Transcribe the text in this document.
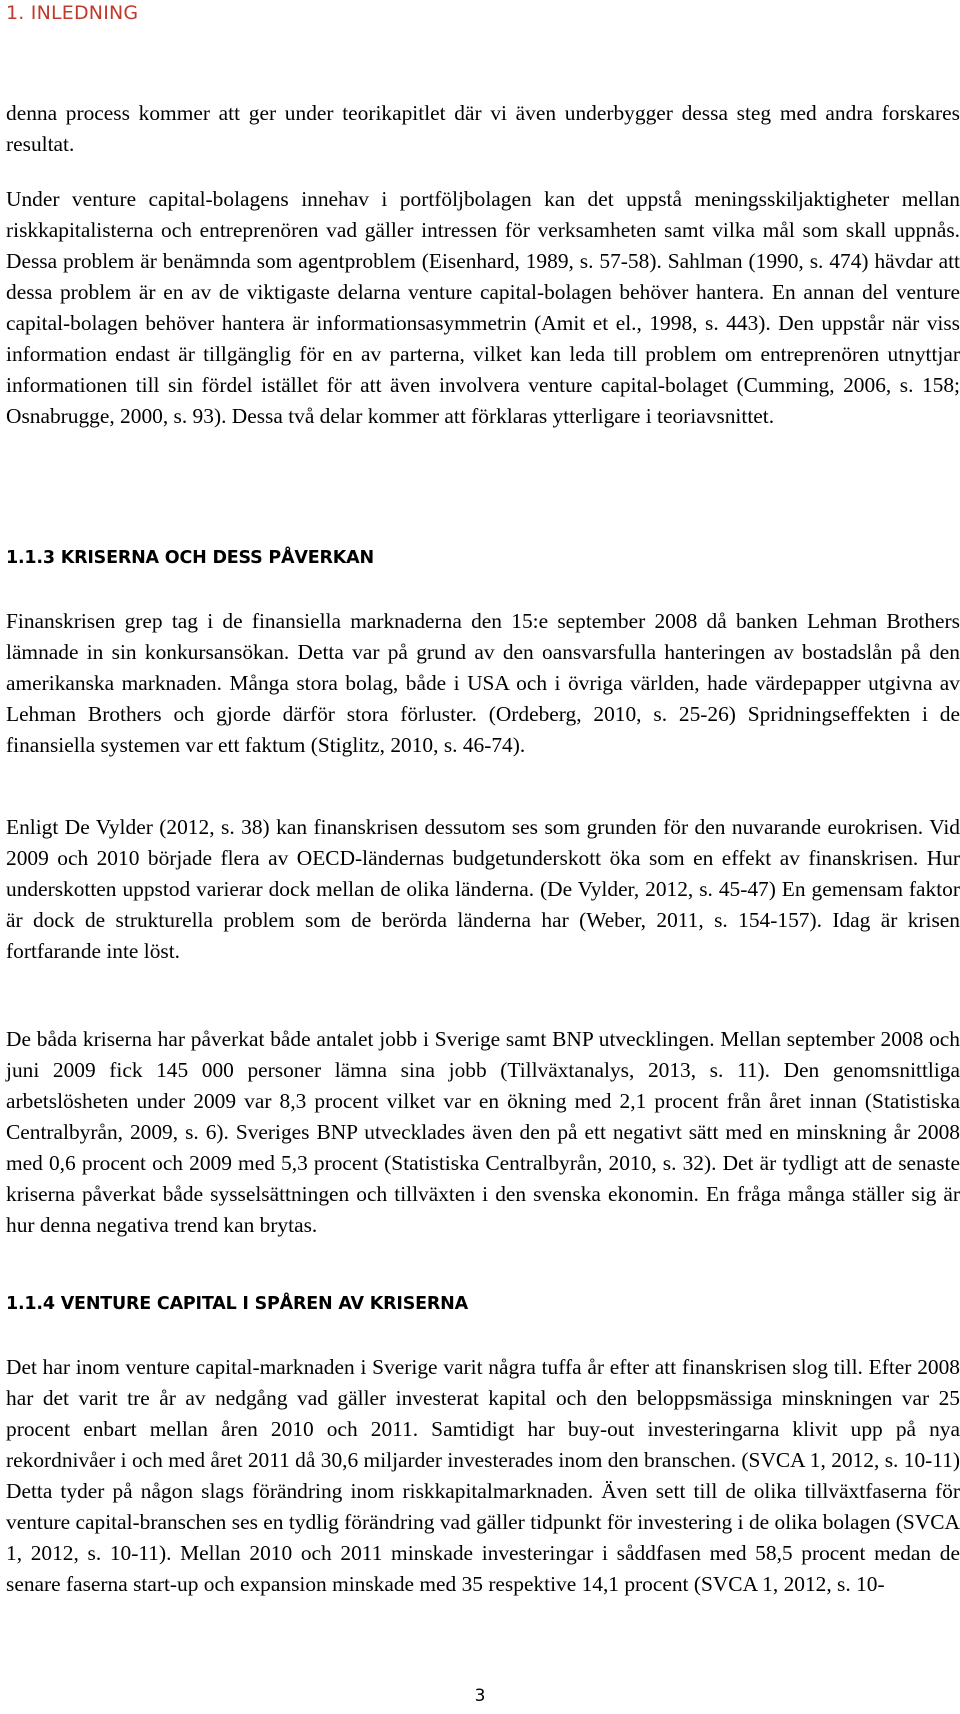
1. INLEDNING

denna process kommer att ger under teorikapitlet där vi även underbygger dessa steg med andra forskares resultat.

Under venture capital-bolagens innehav i portföljbolagen kan det uppstå meningsskiljaktigheter mellan riskkapitalisterna och entreprenören vad gäller intressen för verksamheten samt vilka mål som skall uppnås. Dessa problem är benämnda som agentproblem (Eisenhard, 1989, s. 57-58). Sahlman (1990, s. 474) hävdar att dessa problem är en av de viktigaste delarna venture capital-bolagen behöver hantera. En annan del venture capital-bolagen behöver hantera är informationsasymmetrin (Amit et el., 1998, s. 443). Den uppstår när viss information endast är tillgänglig för en av parterna, vilket kan leda till problem om entreprenören utnyttjar informationen till sin fördel istället för att även involvera venture capital-bolaget (Cumming, 2006, s. 158; Osnabrugge, 2000, s. 93). Dessa två delar kommer att förklaras ytterligare i teoriavsnittet.

1.1.3 KRISERNA OCH DESS PÅVERKAN

Finanskrisen grep tag i de finansiella marknaderna den 15:e september 2008 då banken Lehman Brothers lämnade in sin konkursansökan. Detta var på grund av den oansvarsfulla hanteringen av bostadslån på den amerikanska marknaden. Många stora bolag, både i USA och i övriga världen, hade värdepapper utgivna av Lehman Brothers och gjorde därför stora förluster. (Ordeberg, 2010, s. 25-26) Spridningseffekten i de finansiella systemen var ett faktum (Stiglitz, 2010, s. 46-74).

Enligt De Vylder (2012, s. 38) kan finanskrisen dessutom ses som grunden för den nuvarande eurokrisen. Vid 2009 och 2010 började flera av OECD-ländernas budgetunderskott öka som en effekt av finanskrisen. Hur underskotten uppstod varierar dock mellan de olika länderna. (De Vylder, 2012, s. 45-47) En gemensam faktor är dock de strukturella problem som de berörda länderna har (Weber, 2011, s. 154-157). Idag är krisen fortfarande inte löst.

De båda kriserna har påverkat både antalet jobb i Sverige samt BNP utvecklingen. Mellan september 2008 och juni 2009 fick 145 000 personer lämna sina jobb (Tillväxtanalys, 2013, s. 11). Den genomsnittliga arbetslösheten under 2009 var 8,3 procent vilket var en ökning med 2,1 procent från året innan (Statistiska Centralbyrån, 2009, s. 6). Sveriges BNP utvecklades även den på ett negativt sätt med en minskning år 2008 med 0,6 procent och 2009 med 5,3 procent (Statistiska Centralbyrån, 2010, s. 32). Det är tydligt att de senaste kriserna påverkat både sysselsättningen och tillväxten i den svenska ekonomin. En fråga många ställer sig är hur denna negativa trend kan brytas.

1.1.4 VENTURE CAPITAL I SPÅREN AV KRISERNA

Det har inom venture capital-marknaden i Sverige varit några tuffa år efter att finanskrisen slog till. Efter 2008 har det varit tre år av nedgång vad gäller investerat kapital och den beloppsmässiga minskningen var 25 procent enbart mellan åren 2010 och 2011. Samtidigt har buy-out investeringarna klivit upp på nya rekordnivåer i och med året 2011 då 30,6 miljarder investerades inom den branschen. (SVCA 1, 2012, s. 10-11) Detta tyder på någon slags förändring inom riskkapitalmarknaden. Även sett till de olika tillväxtfaserna för venture capital-branschen ses en tydlig förändring vad gäller tidpunkt för investering i de olika bolagen (SVCA 1, 2012, s. 10-11). Mellan 2010 och 2011 minskade investeringar i såddfasen med 58,5 procent medan de senare faserna start-up och expansion minskade med 35 respektive 14,1 procent (SVCA 1, 2012, s. 10-

3
